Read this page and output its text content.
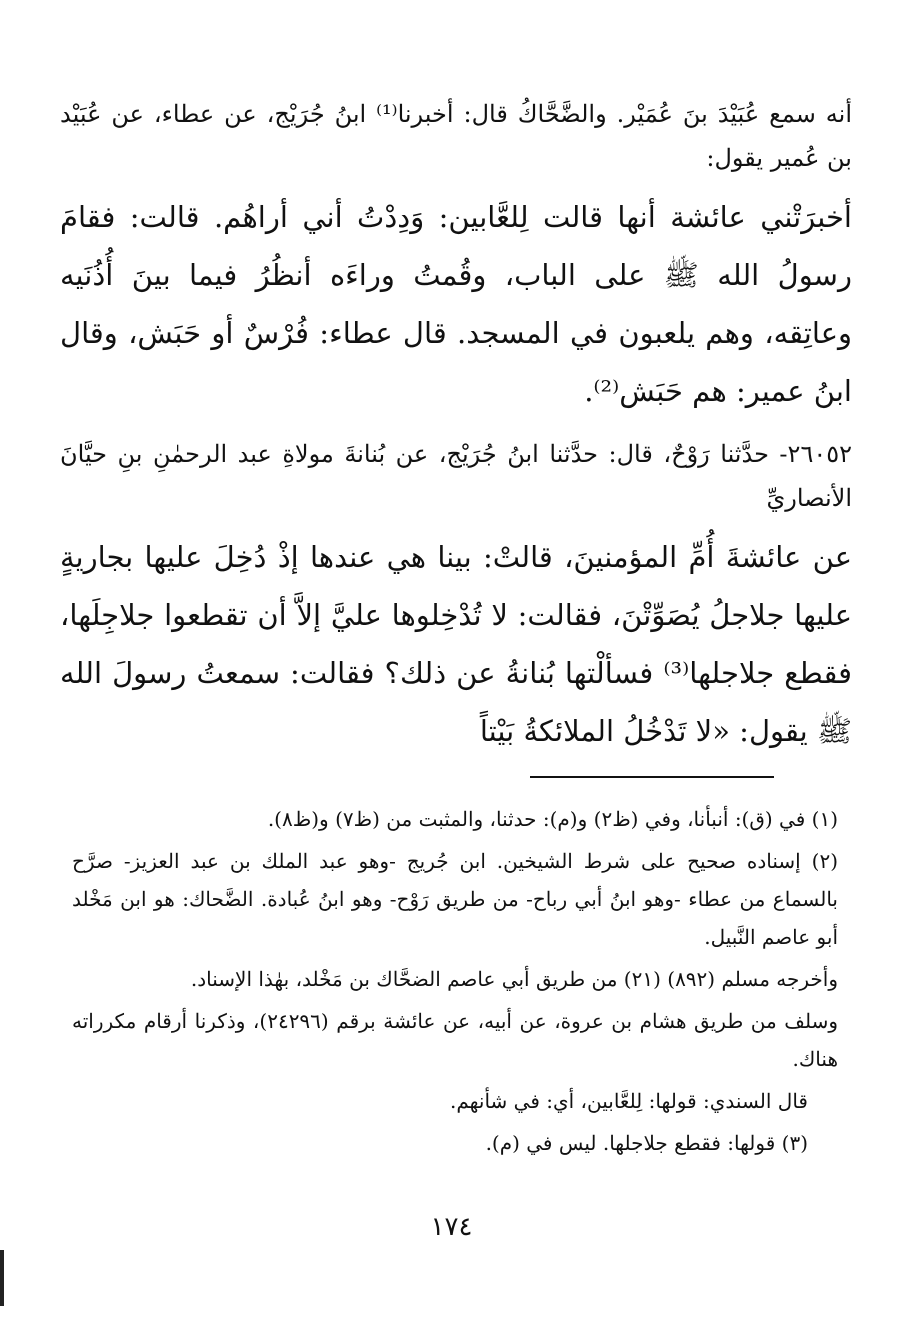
أنه سمع عُبَيْدَ بنَ عُمَيْر. والضَّحَّاكُ قال: أخبرنا⁽¹⁾ ابنُ جُرَيْج، عن عطاء، عن عُبَيْد بن عُمير يقول:
أخبرَتْني عائشة أنها قالت لِلعَّابين: وَدِدْتُ أني أراهُم. قالت: فقامَ رسولُ الله ﷺ على الباب، وقُمتُ وراءَه أنظُرُ فيما بينَ أُذُنَيه وعاتِقه، وهم يلعبون في المسجد. قال عطاء: فُرْسٌ أو حَبَش، وقال ابنُ عمير: هم حَبَش⁽²⁾.
٢٦٠٥٢- حدَّثنا رَوْحٌ، قال: حدَّثنا ابنُ جُرَيْج، عن بُنانةَ مولاةِ عبد الرحمٰنِ بنِ حيَّانَ الأنصاريِّ
عن عائشةَ أُمِّ المؤمنينَ، قالتْ: بينا هي عندها إذْ دُخِلَ عليها بجاريةٍ عليها جلاجلُ يُصَوِّتْنَ، فقالت: لا تُدْخِلوها عليَّ إلاَّ أن تقطعوا جلاجِلَها، فقطع جلاجلها⁽³⁾ فسألْتها بُنانةُ عن ذلك؟ فقالت: سمعتُ رسولَ الله ﷺ يقول: «لا تَدْخُلُ الملائكةُ بَيْتاً

(١) في (ق): أنبأنا، وفي (ظ٢) و(م): حدثنا، والمثبت من (ظ٧) و(ظ٨).

(٢) إسناده صحيح على شرط الشيخين. ابن جُريج -وهو عبد الملك بن عبد العزيز- صرَّح بالسماع من عطاء -وهو ابنُ أبي رباح- من طريق رَوْح- وهو ابنُ عُبادة. الضَّحاك: هو ابن مَخْلد أبو عاصم النَّبيل.

وأخرجه مسلم (٨٩٢) (٢١) من طريق أبي عاصم الضحَّاك بن مَخْلد، بهٰذا الإسناد.

وسلف من طريق هشام بن عروة، عن أبيه، عن عائشة برقم (٢٤٢٩٦)، وذكرنا أرقام مكرراته هناك.

قال السندي: قولها: لِلعَّابين، أي: في شأنهم.

(٣) قولها: فقطع جلاجلها. ليس في (م).

١٧٤
